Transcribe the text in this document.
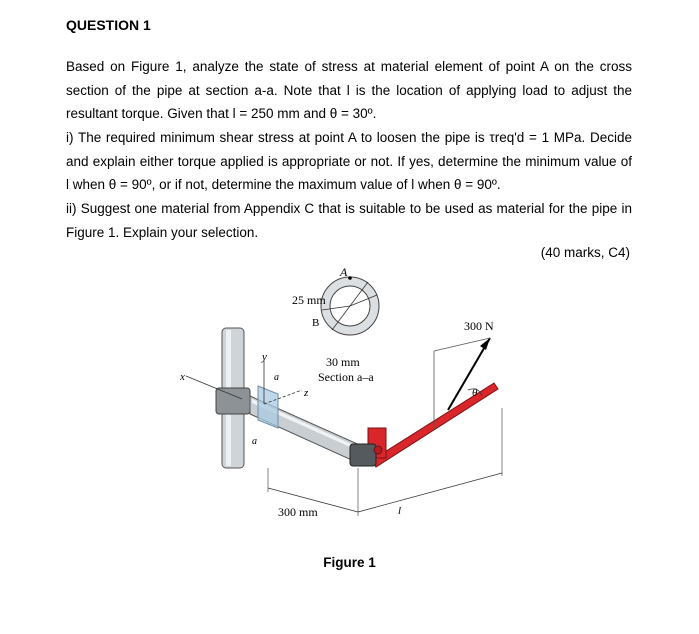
QUESTION 1
Based on Figure 1, analyze the state of stress at material element of point A on the cross
section of the pipe at section a-a. Note that l is the location of applying load to adjust the
resultant torque. Given that l = 250 mm and θ = 30º.
i) The required minimum shear stress at point A to loosen the pipe is τreq'd = 1 MPa. Decide
and explain either torque applied is appropriate or not. If yes, determine the minimum value of
l when θ = 90º, or if not, determine the maximum value of l when θ = 90º.
ii) Suggest one material from Appendix C that is suitable to be used as material for the pipe in
Figure 1. Explain your selection.
(40 marks, C4)
A
25 mm
B
30 mm
Section a–a
300 N
θ
300 mm	l
x
y
z
a
a
Figure 1
